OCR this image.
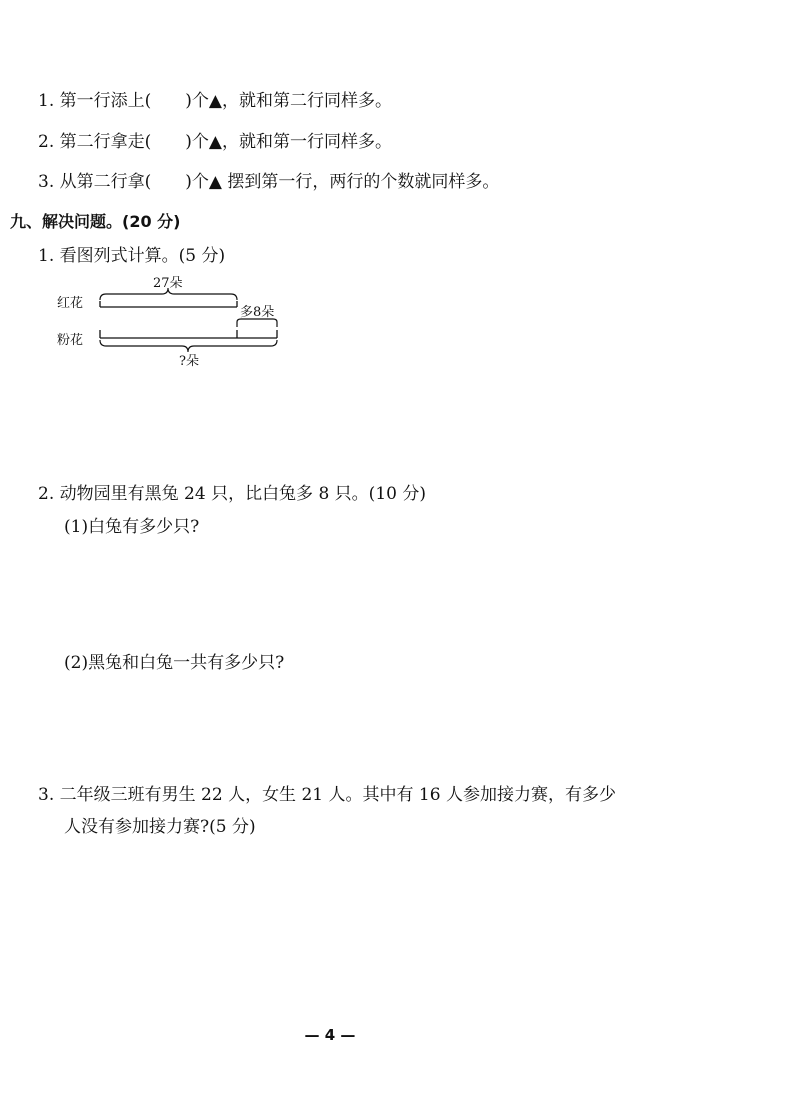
1. 第一行添上(　　)个▲，就和第二行同样多。
2. 第二行拿走(　　)个▲，就和第一行同样多。
3. 从第二行拿(　　)个▲ 摆到第一行，两行的个数就同样多。
九、解决问题。(20 分)
1. 看图列式计算。(5 分)
红花
粉花
27朵
多8朵
?朵
2. 动物园里有黑兔 24 只，比白兔多 8 只。(10 分)
(1)白兔有多少只?
(2)黑兔和白兔一共有多少只?
3. 二年级三班有男生 22 人，女生 21 人。其中有 16 人参加接力赛，有多少
人没有参加接力赛?(5 分)
— 4 —
